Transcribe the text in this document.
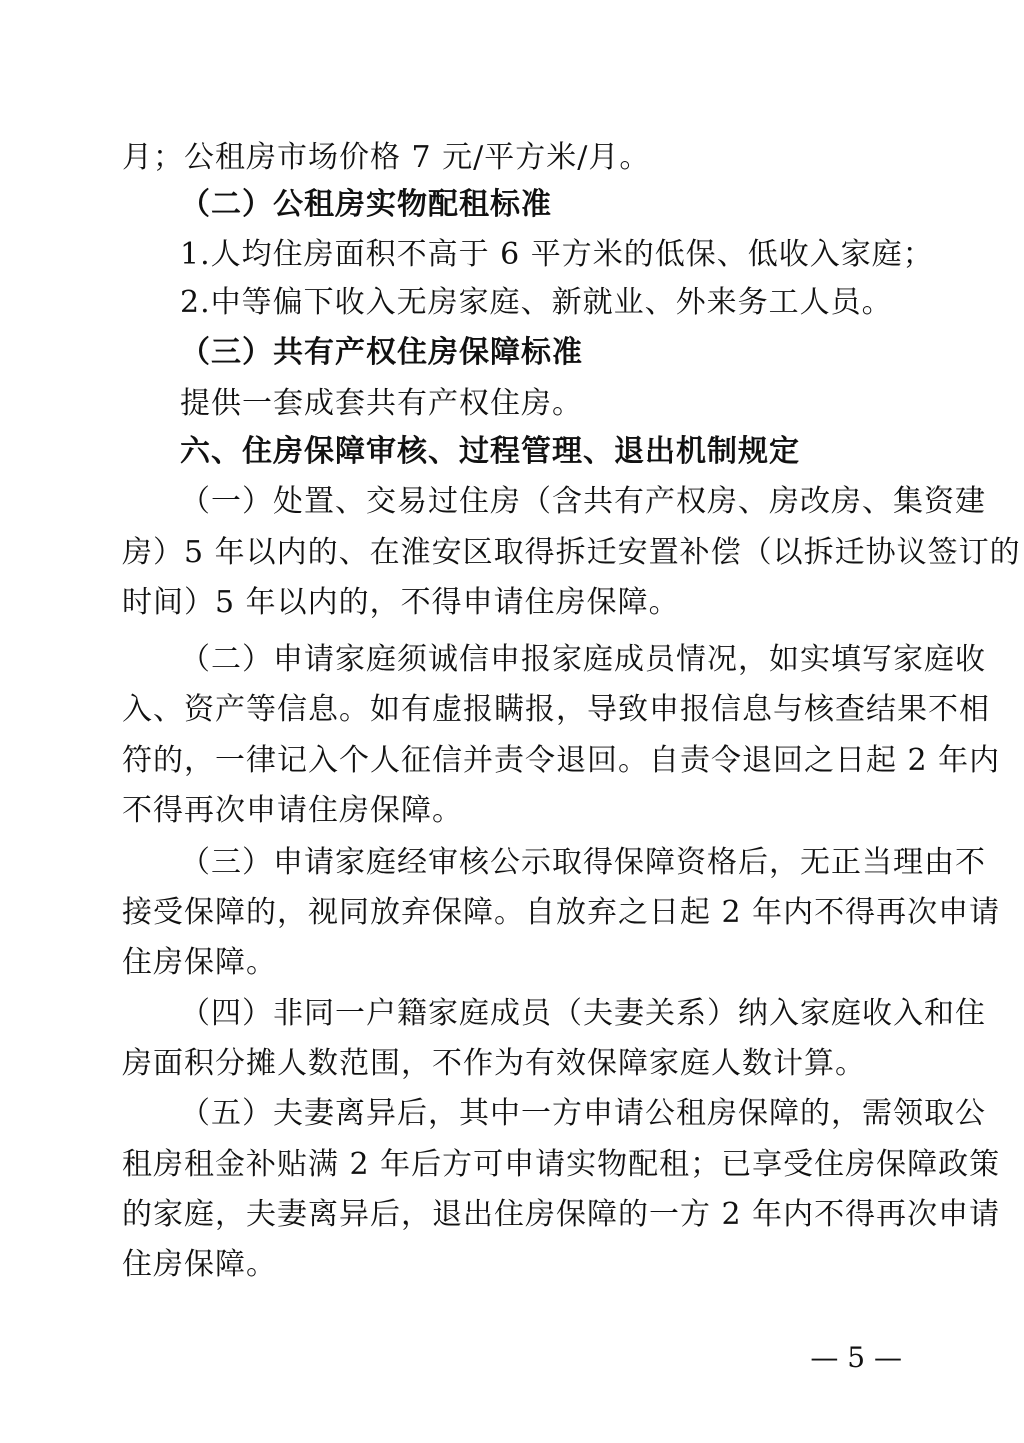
月；公租房市场价格 7 元/平方米/月。
（二）公租房实物配租标准
1.人均住房面积不高于 6 平方米的低保、低收入家庭；
2.中等偏下收入无房家庭、新就业、外来务工人员。
（三）共有产权住房保障标准
提供一套成套共有产权住房。
六、住房保障审核、过程管理、退出机制规定
（一）处置、交易过住房（含共有产权房、房改房、集资建
房）5 年以内的、在淮安区取得拆迁安置补偿（以拆迁协议签订的
时间）5 年以内的，不得申请住房保障。
（二）申请家庭须诚信申报家庭成员情况，如实填写家庭收
入、资产等信息。如有虚报瞒报，导致申报信息与核查结果不相
符的，一律记入个人征信并责令退回。自责令退回之日起 2 年内
不得再次申请住房保障。
（三）申请家庭经审核公示取得保障资格后，无正当理由不
接受保障的，视同放弃保障。自放弃之日起 2 年内不得再次申请
住房保障。
（四）非同一户籍家庭成员（夫妻关系）纳入家庭收入和住
房面积分摊人数范围，不作为有效保障家庭人数计算。
（五）夫妻离异后，其中一方申请公租房保障的，需领取公
租房租金补贴满 2 年后方可申请实物配租；已享受住房保障政策
的家庭，夫妻离异后，退出住房保障的一方 2 年内不得再次申请
住房保障。
— 5 —
